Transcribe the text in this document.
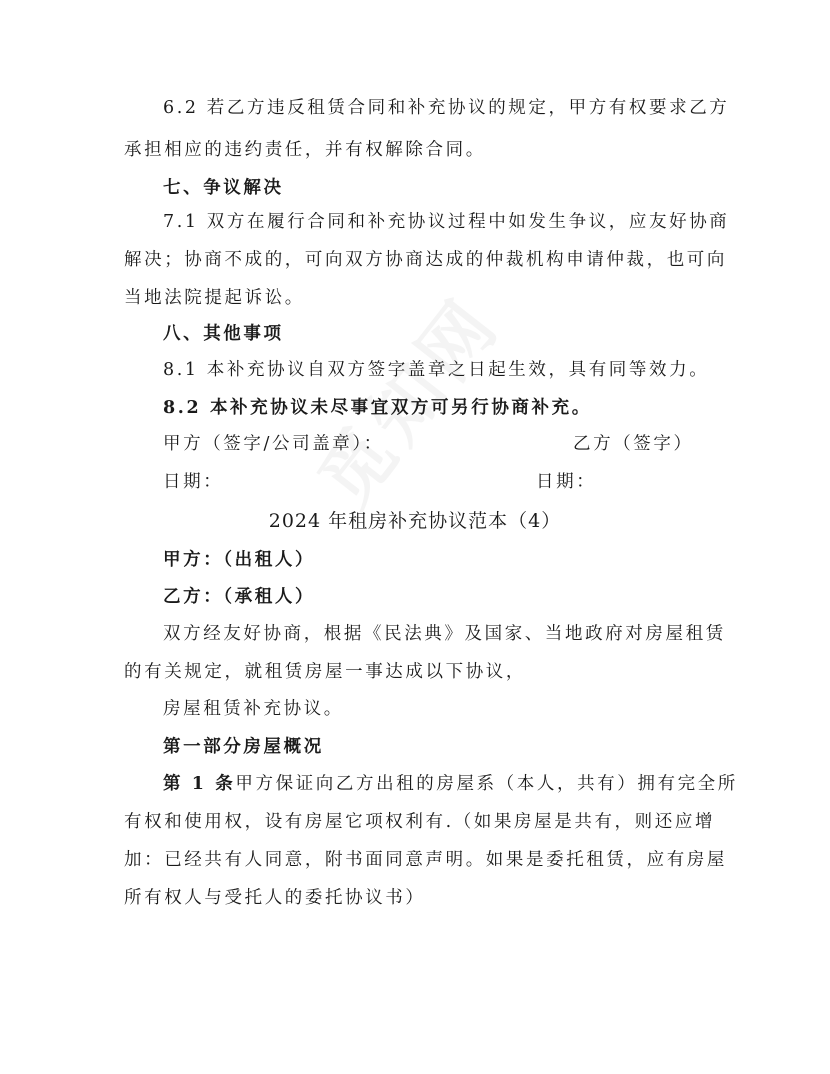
6.2 若乙方违反租赁合同和补充协议的规定，甲方有权要求乙方
承担相应的违约责任，并有权解除合同。
七、争议解决
7.1 双方在履行合同和补充协议过程中如发生争议，应友好协商
解决；协商不成的，可向双方协商达成的仲裁机构申请仲裁，也可向
当地法院提起诉讼。
八、其他事项
8.1 本补充协议自双方签字盖章之日起生效，具有同等效力。
8.2 本补充协议未尽事宜双方可另行协商补充。
甲方（签字/公司盖章）：	乙方（签字）
日期：	日期：
2024 年租房补充协议范本（4）
甲方：（出租人）
乙方：（承租人）
双方经友好协商，根据《民法典》及国家、当地政府对房屋租赁
的有关规定，就租赁房屋一事达成以下协议，
房屋租赁补充协议。
第一部分房屋概况
第 1 条甲方保证向乙方出租的房屋系（本人，共有）拥有完全所
有权和使用权，设有房屋它项权利有.（如果房屋是共有，则还应增
加：已经共有人同意，附书面同意声明。如果是委托租赁，应有房屋
所有权人与受托人的委托协议书）
